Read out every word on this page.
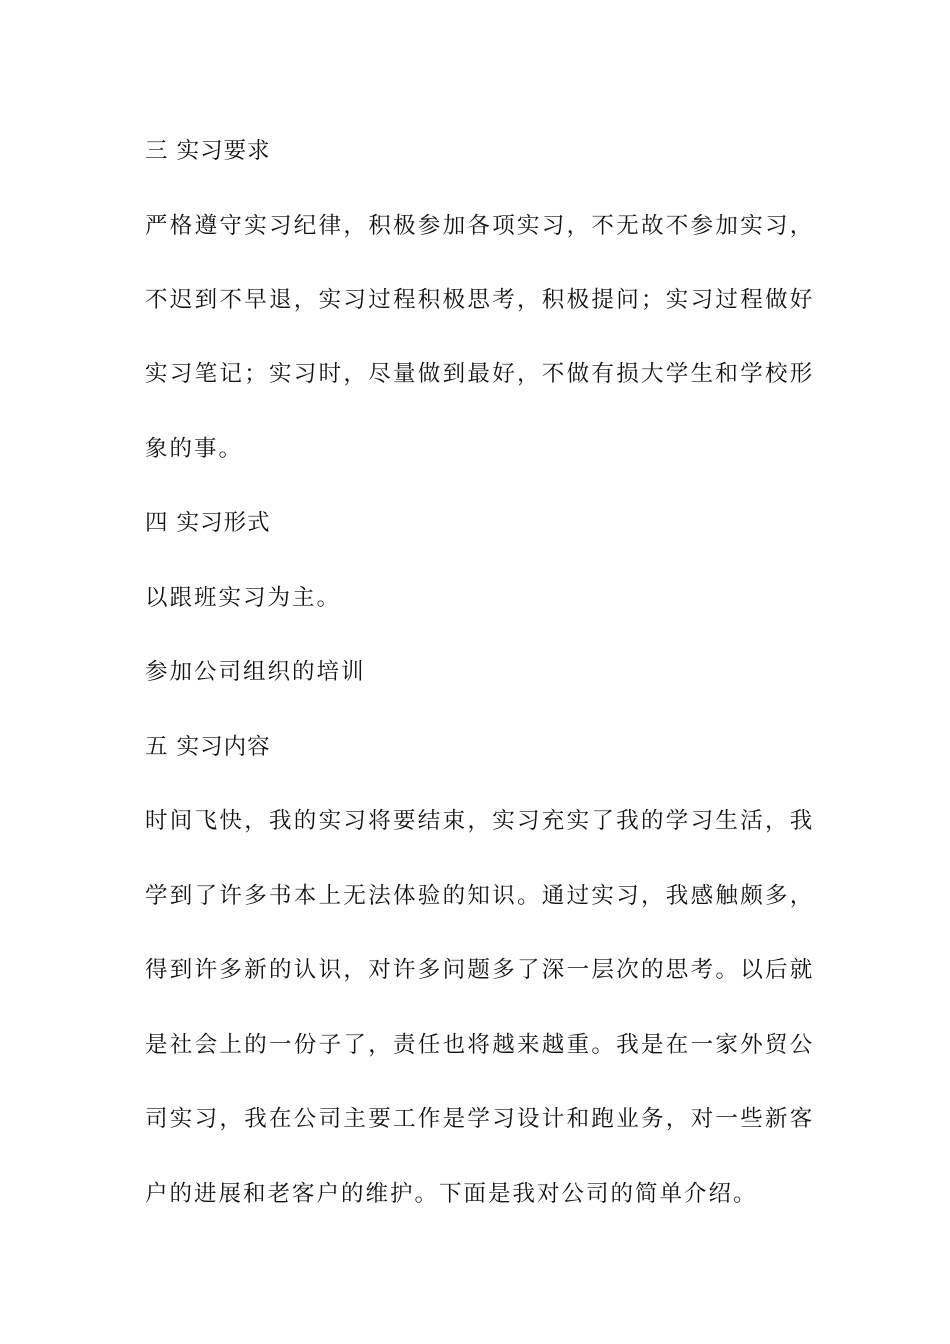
三 实习要求
严格遵守实习纪律，积极参加各项实习，不无故不参加实习，
不迟到不早退，实习过程积极思考，积极提问；实习过程做好
实习笔记；实习时，尽量做到最好，不做有损大学生和学校形
象的事。
四 实习形式
以跟班实习为主。
参加公司组织的培训
五 实习内容
时间飞快，我的实习将要结束，实习充实了我的学习生活，我
学到了许多书本上无法体验的知识。通过实习，我感触颇多，
得到许多新的认识，对许多问题多了深一层次的思考。以后就
是社会上的一份子了，责任也将越来越重。我是在一家外贸公
司实习，我在公司主要工作是学习设计和跑业务，对一些新客
户的进展和老客户的维护。下面是我对公司的简单介绍。
